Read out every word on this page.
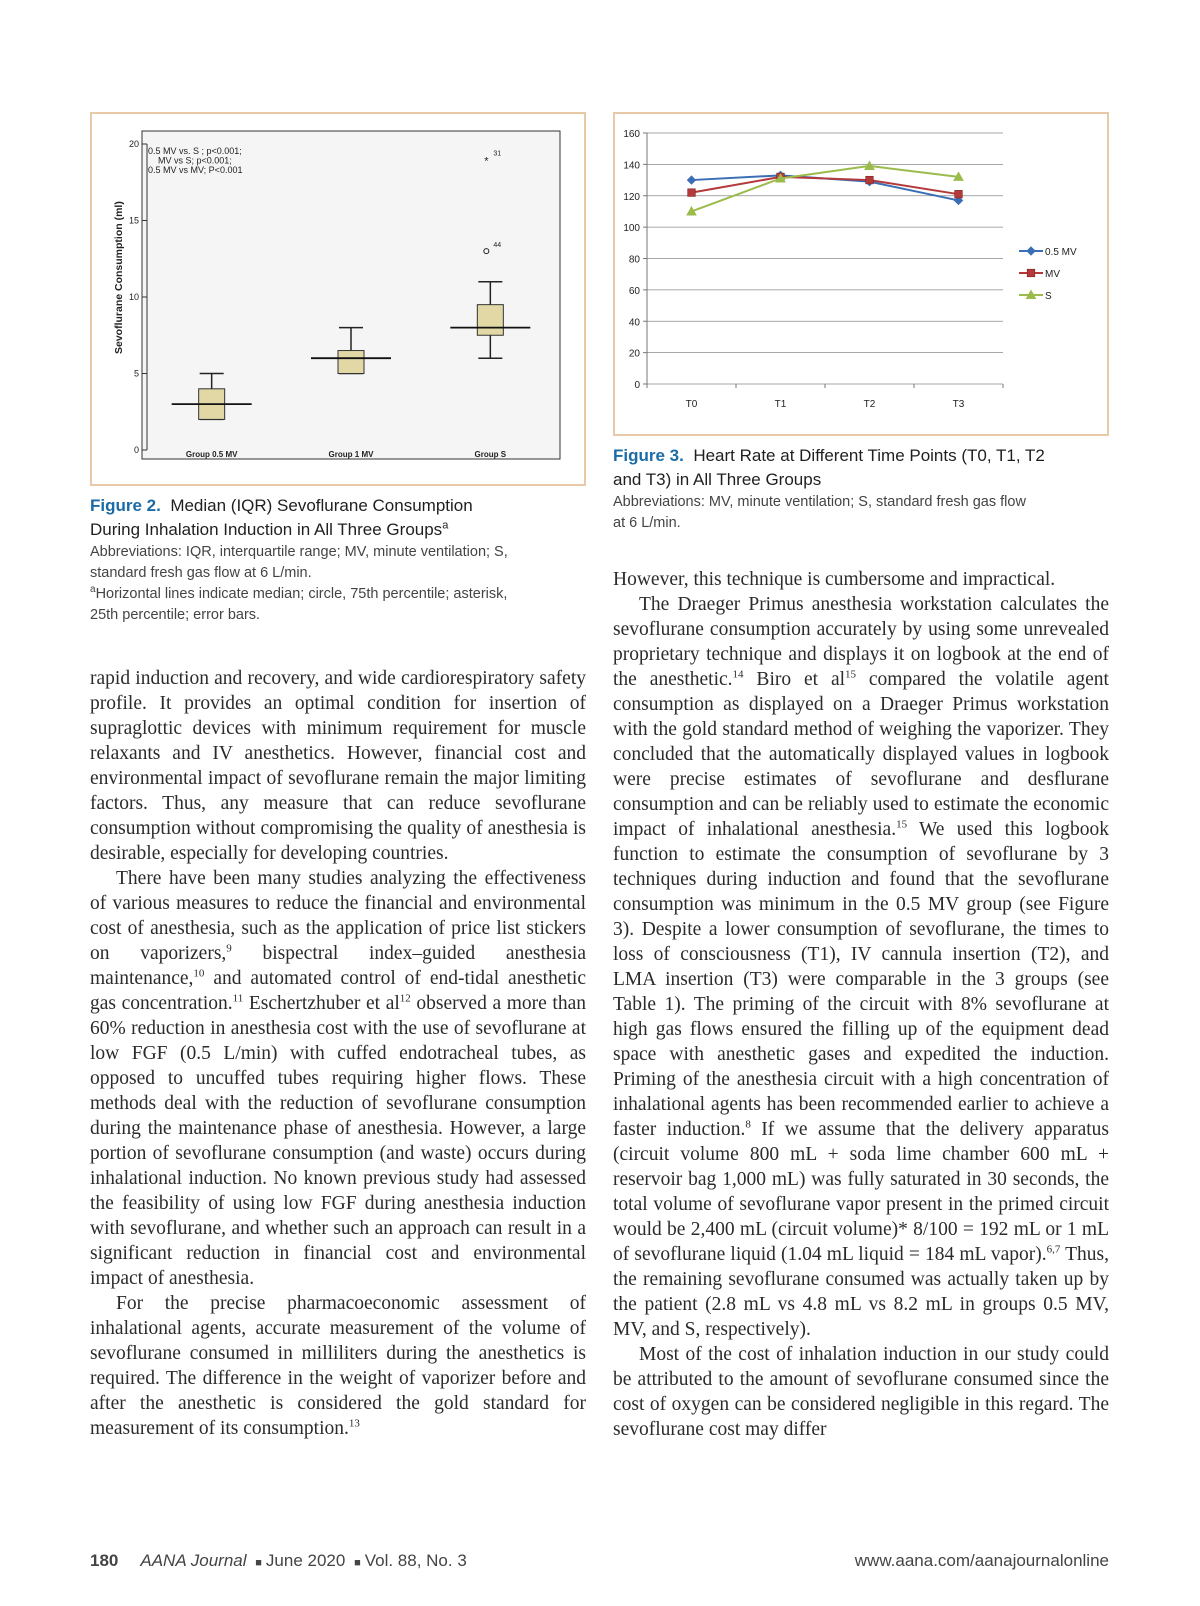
0
5
10
15
20
Group 0.5 MV	Group 1 MV	Group S
44
*
31
0.5 MV vs. S ; p<0.001;
MV vs S; p<0.001;
0.5 MV vs MV; P<0.001
Sevoflurane Consumption (ml)
Figure 2. Median (IQR) Sevoflurane Consumption
During Inhalation Induction in All Three Groups$^a$
Abbreviations: IQR, interquartile range; MV, minute ventilation; S,
standard fresh gas flow at 6 L/min.
$^a$Horizontal lines indicate median; circle, 75th percentile; asterisk,
25th percentile; error bars.
0
20
40
60
80
100
120
140
160
T0	T1	T2	T3
0.5 MV
MV
S
Figure 3. Heart Rate at Different Time Points (T0, T1, T2
and T3) in All Three Groups
Abbreviations: MV, minute ventilation; S, standard fresh gas flow
at 6 L/min.

rapid induction and recovery, and wide cardiorespiratory safety profile. It provides an optimal condition for insertion of supraglottic devices with minimum requirement for muscle relaxants and IV anesthetics. However, financial cost and environmental impact of sevoflurane remain the major limiting factors. Thus, any measure that can reduce sevoflurane consumption without compromising the quality of anesthesia is desirable, especially for developing countries.

There have been many studies analyzing the effectiveness of various measures to reduce the financial and environmental cost of anesthesia, such as the application of price list stickers on vaporizers,$^9$ bispectral index–guided anesthesia maintenance,$^{10}$ and automated control of end-tidal anesthetic gas concentration.$^{11}$ Eschertzhuber et $al^{12}$ observed a more than 60% reduction in anesthesia cost with the use of sevoflurane at low FGF (0.5 L/min) with cuffed endotracheal tubes, as opposed to uncuffed tubes requiring higher flows. These methods deal with the reduction of sevoflurane consumption during the maintenance phase of anesthesia. However, a large portion of sevoflurane consumption (and waste) occurs during inhalational induction. No known previous study had assessed the feasibility of using low FGF during anesthesia induction with sevoflurane, and whether such an approach can result in a significant reduction in financial cost and environmental impact of anesthesia.

For the precise pharmacoeconomic assessment of inhalational agents, accurate measurement of the volume of sevoflurane consumed in milliliters during the anesthetics is required. The difference in the weight of vaporizer before and after the anesthetic is considered the gold standard for measurement of its consumption.$^{13}$

However, this technique is cumbersome and impractical.

The Draeger Primus anesthesia workstation calculates the sevoflurane consumption accurately by using some unrevealed proprietary technique and displays it on logbook at the end of the anesthetic.$^{14}$ Biro et $al^{15}$ compared the volatile agent consumption as displayed on a Draeger Primus workstation with the gold standard method of weighing the vaporizer. They concluded that the automatically displayed values in logbook were precise estimates of sevoflurane and desflurane consumption and can be reliably used to estimate the economic impact of inhalational anesthesia.$^{15}$ We used this logbook function to estimate the consumption of sevoflurane by 3 techniques during induction and found that the sevoflurane consumption was minimum in the 0.5 MV group (see Figure 3). Despite a lower consumption of sevoflurane, the times to loss of consciousness (T1), IV cannula insertion (T2), and LMA insertion (T3) were comparable in the 3 groups (see Table 1). The priming of the circuit with 8% sevoflurane at high gas flows ensured the filling up of the equipment dead space with anesthetic gases and expedited the induction. Priming of the anesthesia circuit with a high concentration of inhalational agents has been recommended earlier to achieve a faster induction.$^8$ If we assume that the delivery apparatus (circuit volume 800 mL + soda lime chamber 600 mL + reservoir bag 1,000 mL) was fully saturated in 30 seconds, the total volume of sevoflurane vapor present in the primed circuit would be 2,400 mL (circuit volume)* 8/100 = 192 mL or 1 mL of sevoflurane liquid (1.04 mL liquid = 184 mL vapor).$^{6,7}$ Thus, the remaining sevoflurane consumed was actually taken up by the patient (2.8 mL vs 4.8 mL vs 8.2 mL in groups 0.5 MV, MV, and S, respectively).

Most of the cost of inhalation induction in our study could be attributed to the amount of sevoflurane consumed since the cost of oxygen can be considered negligible in this regard. The sevoflurane cost may differ

180 AANA Journal ■ June 2020 ■ Vol. 88, No. 3	www.aana.com/aanajournalonline
